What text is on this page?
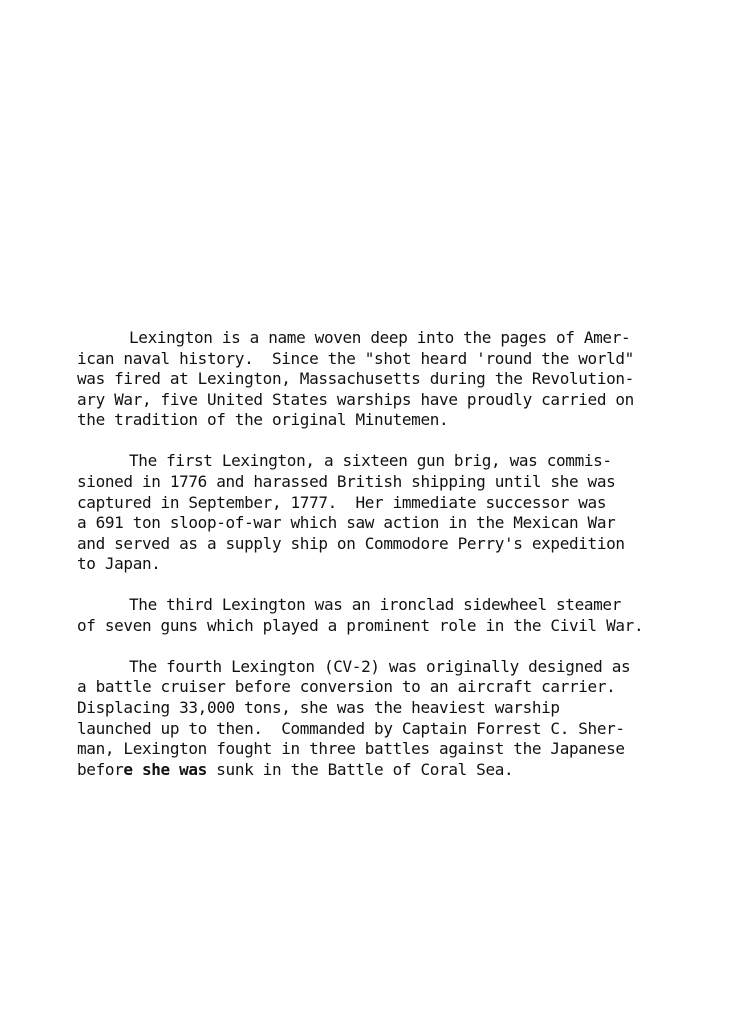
Lexington is a name woven deep into the pages of Amer-
ican naval history.  Since the "shot heard 'round the world"
was fired at Lexington, Massachusetts during the Revolution-
ary War, five United States warships have proudly carried on
the tradition of the original Minutemen.

The first Lexington, a sixteen gun brig, was commis-
sioned in 1776 and harassed British shipping until she was
captured in September, 1777.  Her immediate successor was
a 691 ton sloop-of-war which saw action in the Mexican War
and served as a supply ship on Commodore Perry's expedition
to Japan.

The third Lexington was an ironclad sidewheel steamer
of seven guns which played a prominent role in the Civil War.

The fourth Lexington (CV-2) was originally designed as
a battle cruiser before conversion to an aircraft carrier.
Displacing 33,000 tons, she was the heaviest warship
launched up to then.  Commanded by Captain Forrest C. Sher-
man, Lexington fought in three battles against the Japanese
before she was sunk in the Battle of Coral Sea.
